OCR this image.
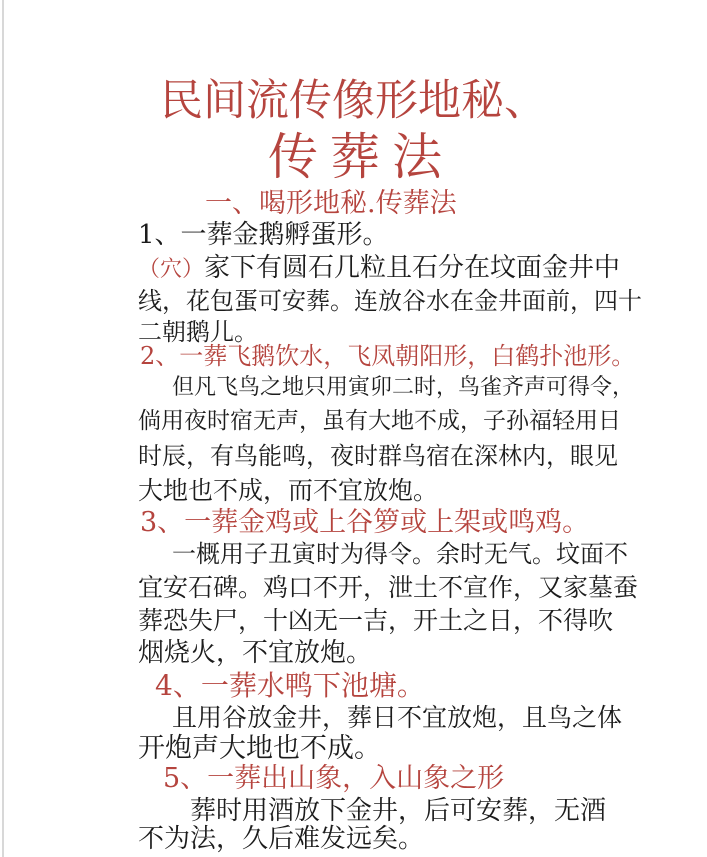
民间流传像形地秘、
传葬法
一、喝形地秘.传葬法
1、一葬金鹅孵蛋形。
（穴）家下有圆石几粒且石分在坟面金井中
线，花包蛋可安葬。连放谷水在金井面前，四十
二朝鹅儿。
2、一葬飞鹅饮水，飞凤朝阳形，白鹤扑池形。
但凡飞鸟之地只用寅卯二时，鸟雀齐声可得令，
倘用夜时宿无声，虽有大地不成，子孙福轻用日
时辰，有鸟能鸣，夜时群鸟宿在深林内，眼见
大地也不成，而不宜放炮。
3、一葬金鸡或上谷箩或上架或鸣鸡。
一概用子丑寅时为得令。余时无气。坟面不
宜安石碑。鸡口不开，泄土不宣作，又家墓蚕
葬恐失尸，十凶无一吉，开土之日，不得吹
烟烧火，不宜放炮。
4、一葬水鸭下池塘。
且用谷放金井，葬日不宜放炮，且鸟之体
开炮声大地也不成。
5、一葬出山象，入山象之形
葬时用酒放下金井，后可安葬，无酒
不为法，久后难发远矣。
